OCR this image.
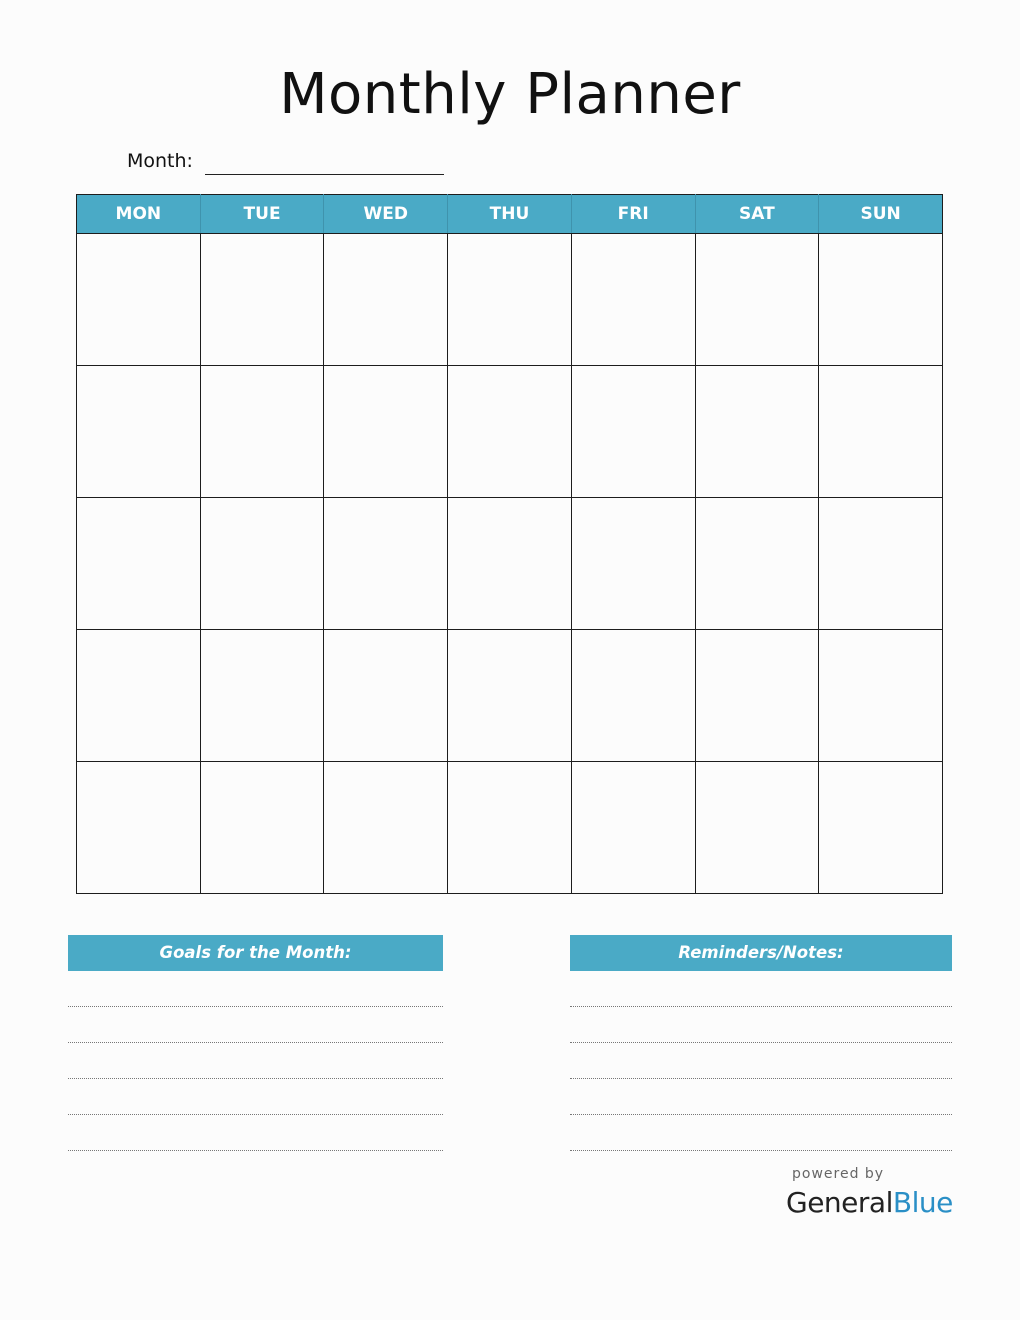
Monthly Planner
Month:
MON	TUE	WED	THU	FRI	SAT	SUN

Goals for the Month:	Reminders/Notes:
powered by
GeneralBlue
